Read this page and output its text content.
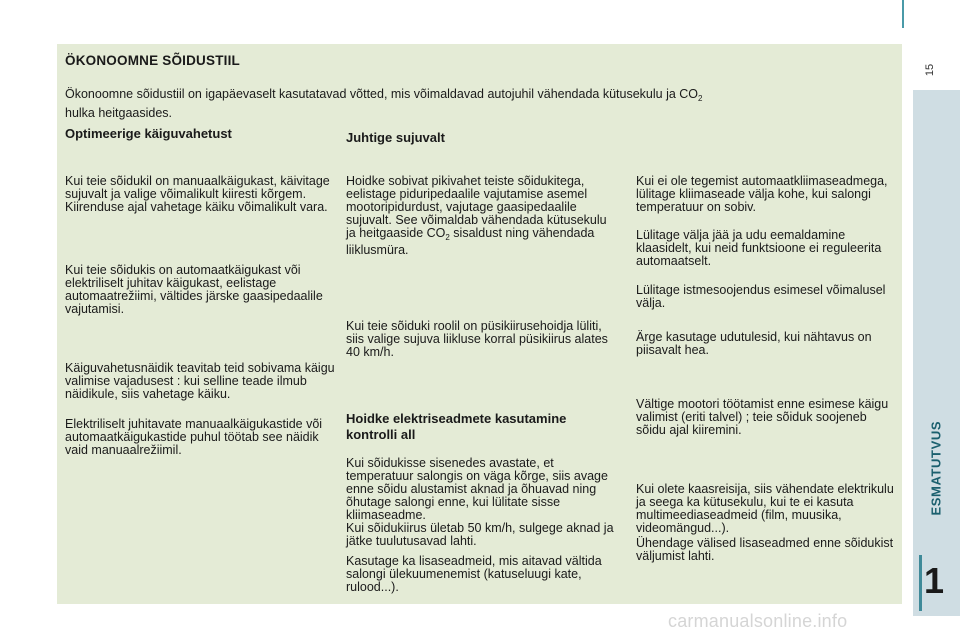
15
ÖKONOOMNE SÕIDUSTIIL
Ökonoomne sõidustiil on igapäevaselt kasutatavad võtted, mis võimaldavad autojuhil vähendada kütusekulu ja $CO_2$
hulka heitgaasides.
Optimeerige käiguvahetust
Kui teie sõidukil on manuaalkäigukast, käivitage sujuvalt ja valige võimalikult kiiresti kõrgem. Kiirenduse ajal vahetage käiku võimalikult vara.
Kui teie sõidukis on automaatkäigukast või elektriliselt juhitav käigukast, eelistage automaatrežiimi, vältides järske gaasipedaalile vajutamisi.
Käiguvahetusnäidik teavitab teid sobivama käigu valimise vajadusest : kui selline teade ilmub näidikule, siis vahetage käiku.
Elektriliselt juhitavate manuaalkäigukastide või automaatkäigukastide puhul töötab see näidik vaid manuaalrežiimil.
Juhtige sujuvalt
Hoidke sobivat pikivahet teiste sõidukitega, eelistage piduripedaalile vajutamise asemel mootoripidurdust, vajutage gaasipedaalile sujuvalt. See võimaldab vähendada kütusekulu ja heitgaaside $CO_2$ sisaldust ning vähendada liiklusmüra.
Kui teie sõiduki roolil on püsikiirusehoidja lüliti, siis valige sujuva liikluse korral püsikiirus alates 40 km/h.
Hoidke elektriseadmete kasutamine kontrolli all
Kui sõidukisse sisenedes avastate, et temperatuur salongis on väga kõrge, siis avage enne sõidu alustamist aknad ja õhuavad ning õhutage salongi enne, kui lülitate sisse kliimaseadme.
Kui sõidukiirus ületab 50 km/h, sulgege aknad ja jätke tuulutusavad lahti.
Kasutage ka lisaseadmeid, mis aitavad vältida salongi ülekuumenemist (katuseluugi kate, rulood...).
Kui ei ole tegemist automaatkliimaseadmega, lülitage kliimaseade välja kohe, kui salongi temperatuur on sobiv.
Lülitage välja jää ja udu eemaldamine klaasidelt, kui neid funktsioone ei reguleerita automaatselt.
Lülitage istmesoojendus esimesel võimalusel välja.
Ärge kasutage udutulesid, kui nähtavus on piisavalt hea.
Vältige mootori töötamist enne esimese käigu valimist (eriti talvel) ; teie sõiduk soojeneb sõidu ajal kiiremini.
Kui olete kaasreisija, siis vähendate elektrikulu ja seega ka kütusekulu, kui te ei kasuta multimeediaseadmeid (film, muusika, videomängud...).
Ühendage välised lisaseadmed enne sõidukist väljumist lahti.
ESMATUTVUS
1
carmanualsonline.info
